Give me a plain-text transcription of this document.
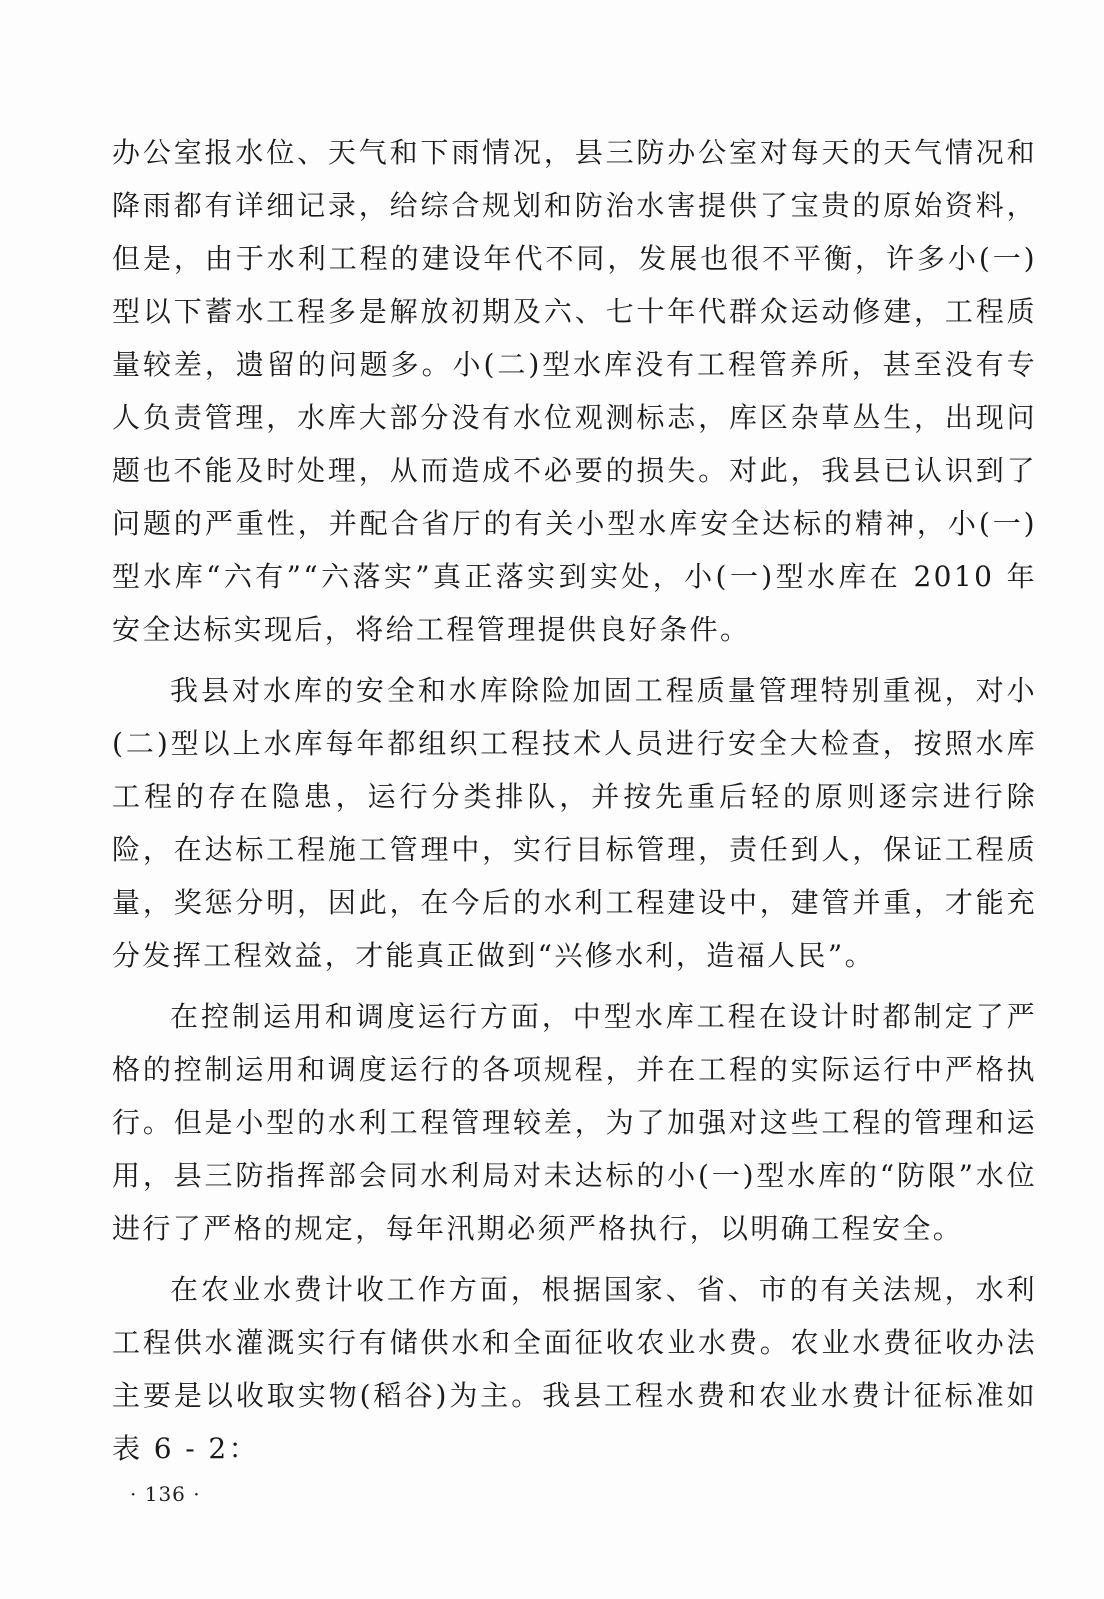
办公室报水位、天气和下雨情况，县三防办公室对每天的天气情况和降雨都有详细记录，给综合规划和防治水害提供了宝贵的原始资料，但是，由于水利工程的建设年代不同，发展也很不平衡，许多小(一)型以下蓄水工程多是解放初期及六、七十年代群众运动修建，工程质量较差，遗留的问题多。小(二)型水库没有工程管养所，甚至没有专人负责管理，水库大部分没有水位观测标志，库区杂草丛生，出现问题也不能及时处理，从而造成不必要的损失。对此，我县已认识到了问题的严重性，并配合省厅的有关小型水库安全达标的精神，小(一)型水库“六有”“六落实”真正落实到实处，小(一)型水库在 2010 年安全达标实现后，将给工程管理提供良好条件。

我县对水库的安全和水库除险加固工程质量管理特别重视，对小(二)型以上水库每年都组织工程技术人员进行安全大检查，按照水库工程的存在隐患，运行分类排队，并按先重后轻的原则逐宗进行除险，在达标工程施工管理中，实行目标管理，责任到人，保证工程质量，奖惩分明，因此，在今后的水利工程建设中，建管并重，才能充分发挥工程效益，才能真正做到“兴修水利，造福人民”。

在控制运用和调度运行方面，中型水库工程在设计时都制定了严格的控制运用和调度运行的各项规程，并在工程的实际运行中严格执行。但是小型的水利工程管理较差，为了加强对这些工程的管理和运用，县三防指挥部会同水利局对未达标的小(一)型水库的“防限”水位进行了严格的规定，每年汛期必须严格执行，以明确工程安全。

在农业水费计收工作方面，根据国家、省、市的有关法规，水利工程供水灌溉实行有储供水和全面征收农业水费。农业水费征收办法主要是以收取实物(稻谷)为主。我县工程水费和农业水费计征标准如表 6 - 2：

· 136 ·
